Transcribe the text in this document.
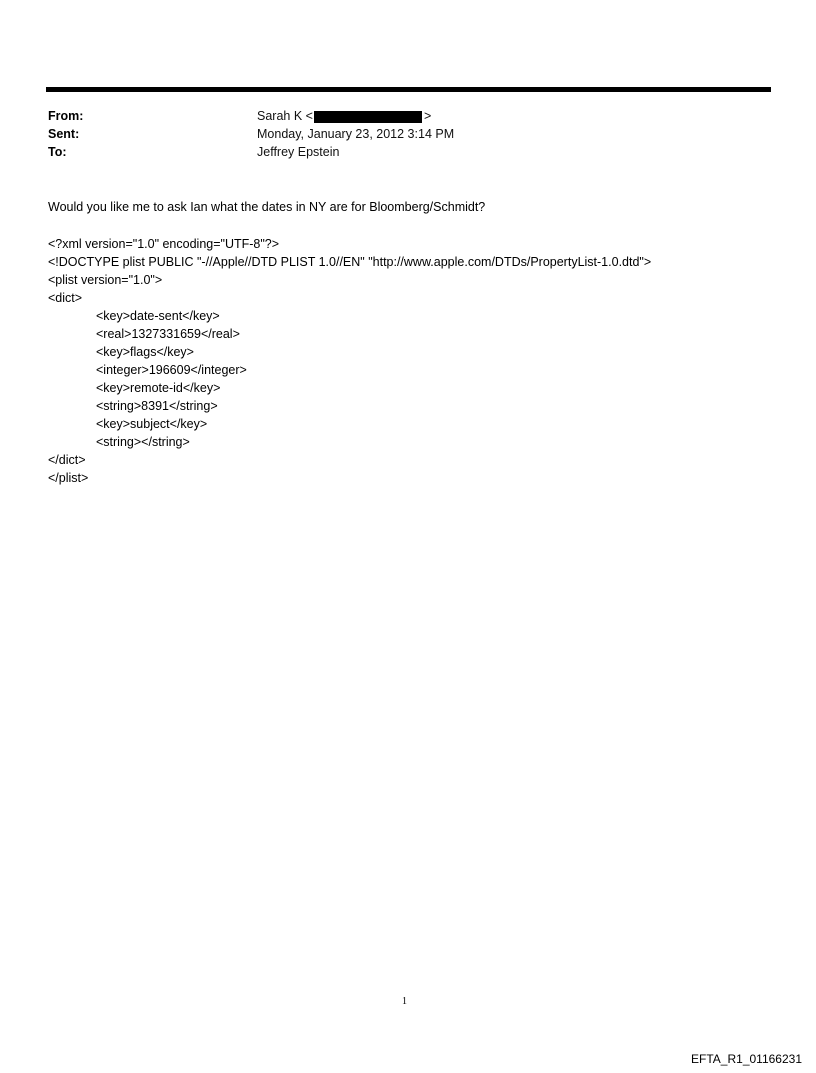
From:	Sarah K <	>
Sent:	Monday, January 23, 2012 3:14 PM
To:	Jeffrey Epstein
Would you like me to ask Ian what the dates in NY are for Bloomberg/Schmidt?
<?xml version="1.0" encoding="UTF-8"?>
<!DOCTYPE plist PUBLIC "-//Apple//DTD PLIST 1.0//EN" "http://www.apple.com/DTDs/PropertyList-1.0.dtd">
<plist version="1.0">
<dict>
<key>date-sent</key>
<real>1327331659</real>
<key>flags</key>
<integer>196609</integer>
<key>remote-id</key>
<string>8391</string>
<key>subject</key>
<string></string>
</dict>
</plist>
1
EFTA_R1_01166231
